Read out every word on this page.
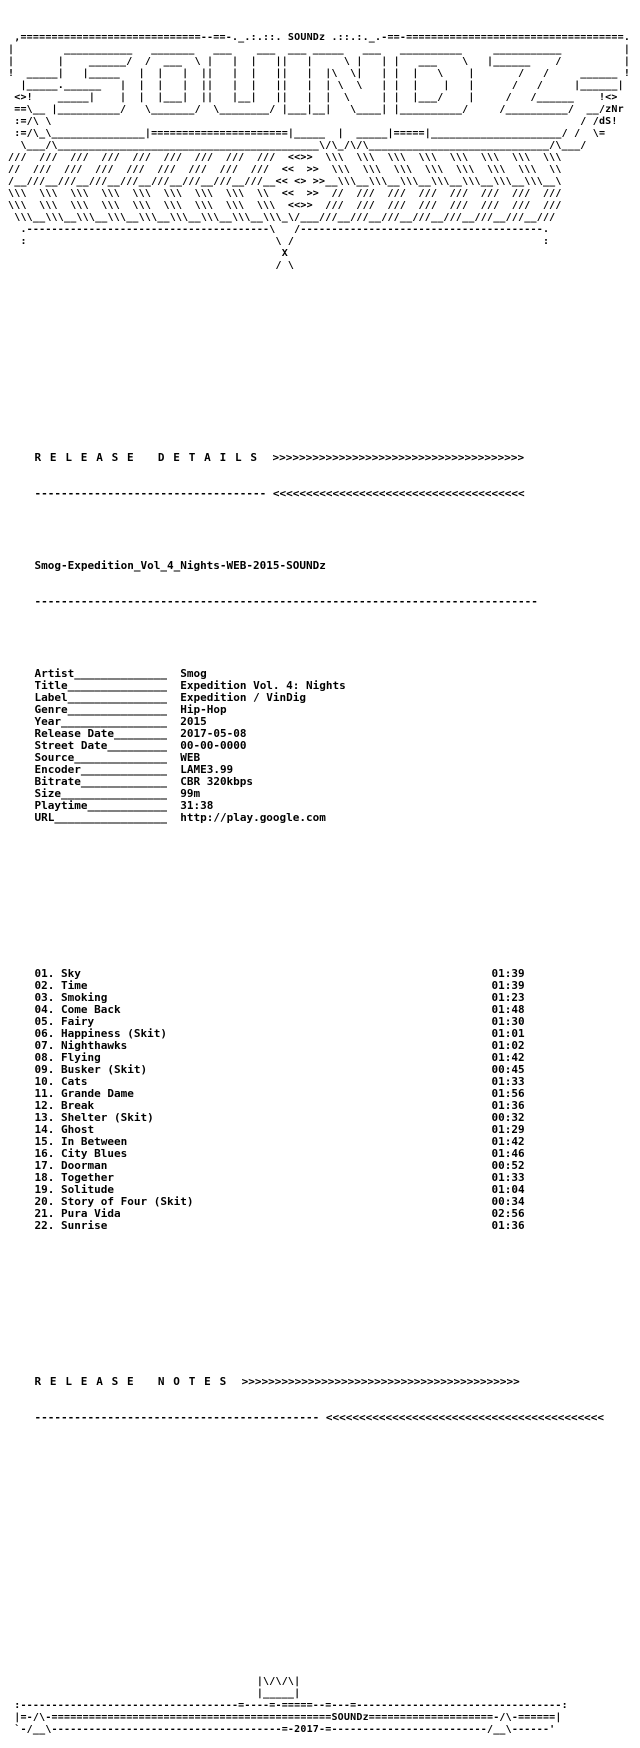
,=============================--==-._.:.::. SOUNDz .::.:._.-==-===================================.
|        ___________   _______   ___    ___  ___ _____   ___   __________     ___________          |
|       |    ______/  /  ___  \ |   |  |   ||   |     \ |   | |   ___    \   |______    /          |
!  _____|   |_____   |  |   |  ||   |  |   ||   |  |\  \|   | |  |   \    |       /   /     ______ !
|_____.______   |  |  |   |  ||   |  |   ||   |  | \  \   | |  |    |   |      /   /     |______|
<>!    _____|    |  |  |___|  ||   |__|   ||   |  |  \     | |  |___/    |     /   /______    !<>
==\__ |__________/   \_______/  \________/ |___|__|   \____| |__________/     /__________/  __/zNr
:=/\ \                                                                                     / /dS!
:=/\_\_______________|======================|_____  |  _____|=====|_____________________/ /  \=
\___/\__________________________________________\/\_/\/\_____________________________/\___/
///  ///  ///  ///  ///  ///  ///  ///  ///  <<>>  \\\  \\\  \\\  \\\  \\\  \\\  \\\  \\\
//  ///  ///  ///  ///  ///  ///  ///  ///  <<  >>  \\\  \\\  \\\  \\\  \\\  \\\  \\\  \\
/__///__///__///__///__///__///__///__///__<< <> >>__\\\__\\\__\\\__\\\__\\\__\\\__\\\__\
\\\  \\\  \\\  \\\  \\\  \\\  \\\  \\\  \\  <<  >>  //  ///  ///  ///  ///  ///  ///  ///
\\\  \\\  \\\  \\\  \\\  \\\  \\\  \\\  \\\  <<>>  ///  ///  ///  ///  ///  ///  ///  ///
\\\__\\\__\\\__\\\__\\\__\\\__\\\__\\\__\\\_\/___///__///__///__///__///__///__///__///
.---------------------------------------\   /---------------------------------------.
:                                        \ /                                        :
X
/ \

RELEASE DETAILS >>>>>>>>>>>>>>>>>>>>>>>>>>>>>>>>>>>>>>

----------------------------------- <<<<<<<<<<<<<<<<<<<<<<<<<<<<<<<<<<<<<<

Smog-Expedition_Vol_4_Nights-WEB-2015-SOUNDz

----------------------------------------------------------------------------

Artist______________  Smog
Title_______________  Expedition Vol. 4: Nights
Label_______________  Expedition / VinDig
Genre_______________  Hip-Hop
Year________________  2015
Release Date________  2017-05-08
Street Date_________  00-00-0000
Source______________  WEB
Encoder_____________  LAME3.99
Bitrate_____________  CBR 320kbps
Size________________  99m
Playtime____________  31:38
URL_________________  http://play.google.com

01. Sky	01:39
02. Time	01:39
03. Smoking	01:23
04. Come Back	01:48
05. Fairy	01:30
06. Happiness (Skit)	01:01
07. Nighthawks	01:02
08. Flying	01:42
09. Busker (Skit)	00:45
10. Cats	01:33
11. Grande Dame	01:56
12. Break	01:36
13. Shelter (Skit)	00:32
14. Ghost	01:29
15. In Between	01:42
16. City Blues	01:46
17. Doorman	00:52
18. Together	01:33
19. Solitude	01:04
20. Story of Four (Skit)	00:34
21. Pura Vida	02:56
22. Sunrise	01:36

RELEASE NOTES >>>>>>>>>>>>>>>>>>>>>>>>>>>>>>>>>>>>>>>>>>

------------------------------------------- <<<<<<<<<<<<<<<<<<<<<<<<<<<<<<<<<<<<<<<<<<

|\/\/\|
|_____|
:-----------------------------------=----=-=====--=---=---------------------------------:
|=-/\-=============================================SOUNDz====================-/\-======|
`-/__\-------------------------------------=-2017-=-------------------------/__\------'
